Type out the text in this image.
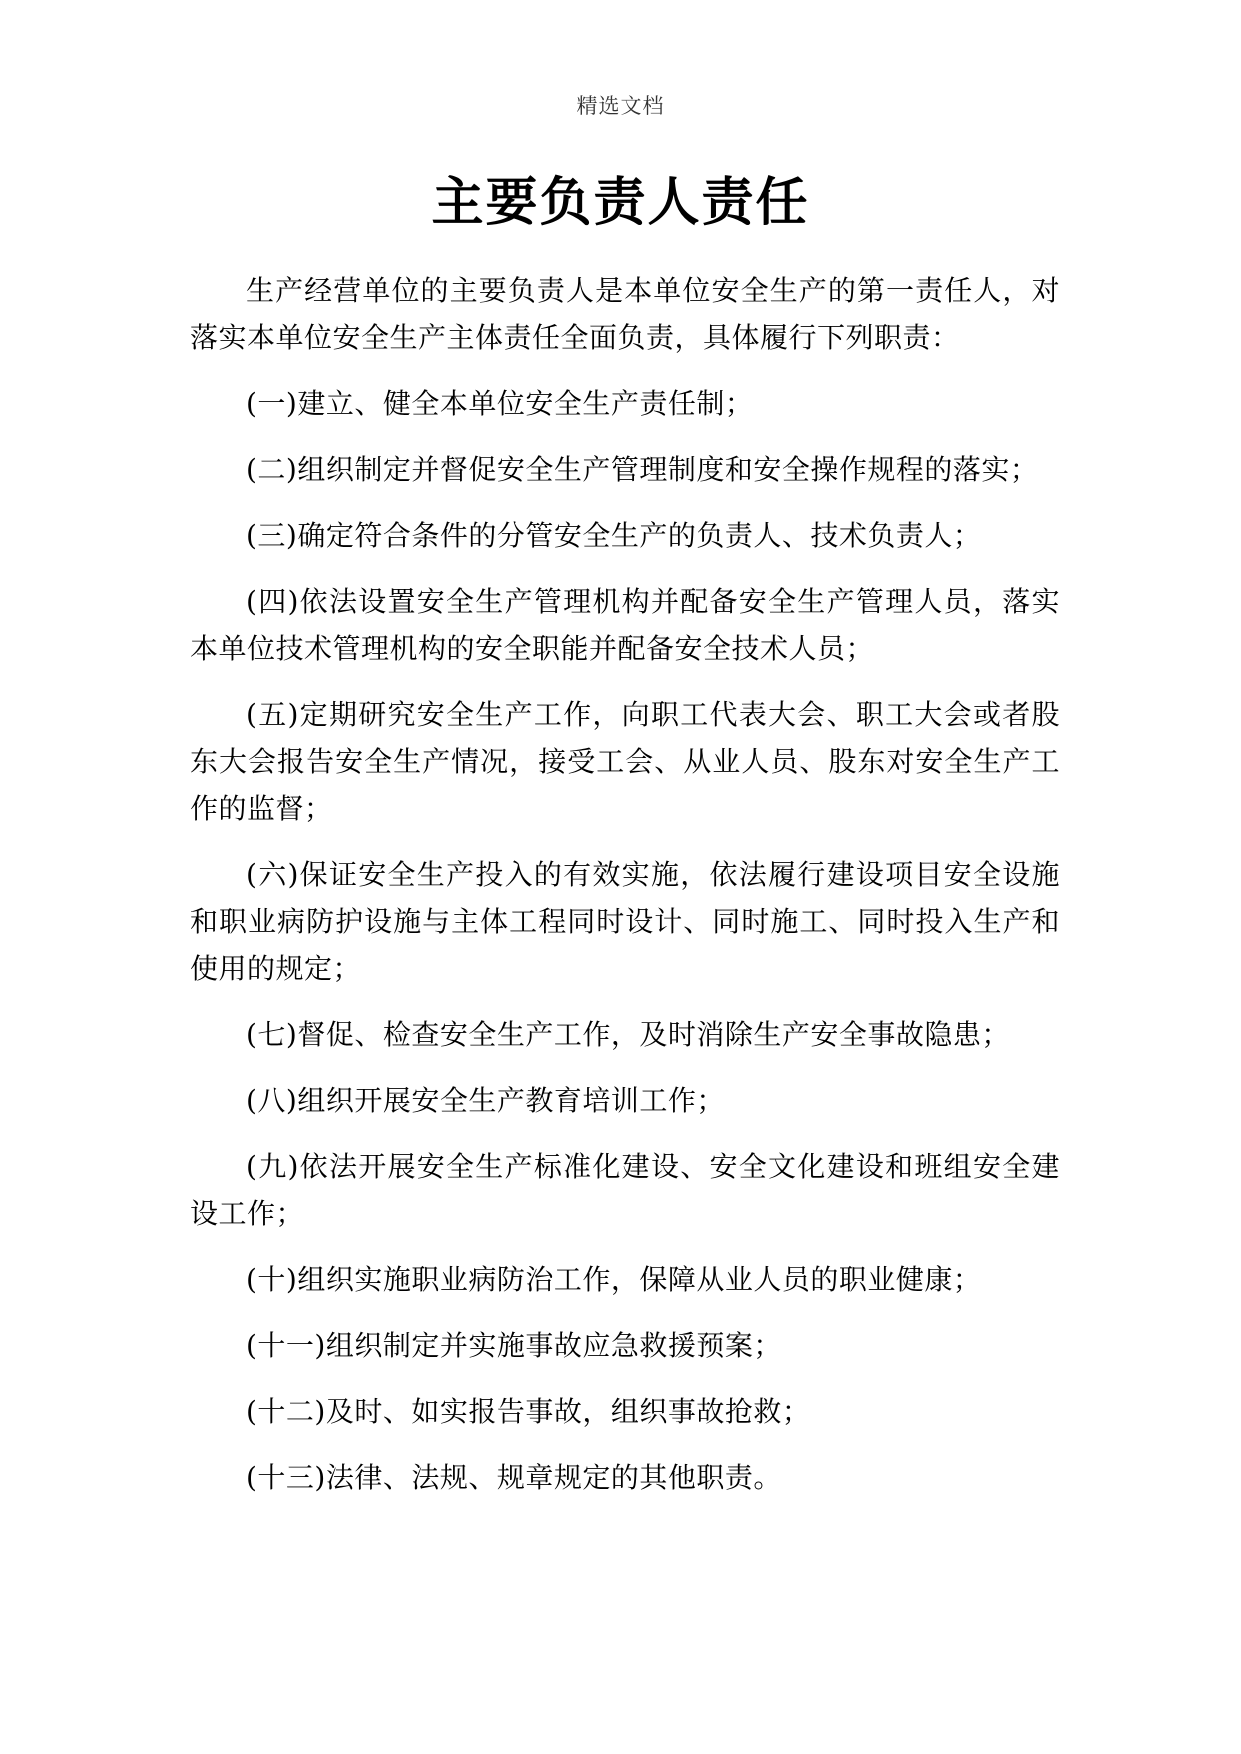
精选文档
主要负责人责任

生产经营单位的主要负责人是本单位安全生产的第一责任人，对落实本单位安全生产主体责任全面负责，具体履行下列职责：

(一)建立、健全本单位安全生产责任制；

(二)组织制定并督促安全生产管理制度和安全操作规程的落实；

(三)确定符合条件的分管安全生产的负责人、技术负责人；

(四)依法设置安全生产管理机构并配备安全生产管理人员，落实本单位技术管理机构的安全职能并配备安全技术人员；

(五)定期研究安全生产工作，向职工代表大会、职工大会或者股东大会报告安全生产情况，接受工会、从业人员、股东对安全生产工作的监督；

(六)保证安全生产投入的有效实施，依法履行建设项目安全设施和职业病防护设施与主体工程同时设计、同时施工、同时投入生产和使用的规定；

(七)督促、检查安全生产工作，及时消除生产安全事故隐患；

(八)组织开展安全生产教育培训工作；

(九)依法开展安全生产标准化建设、安全文化建设和班组安全建设工作；

(十)组织实施职业病防治工作，保障从业人员的职业健康；

(十一)组织制定并实施事故应急救援预案；

(十二)及时、如实报告事故，组织事故抢救；

(十三)法律、法规、规章规定的其他职责。
